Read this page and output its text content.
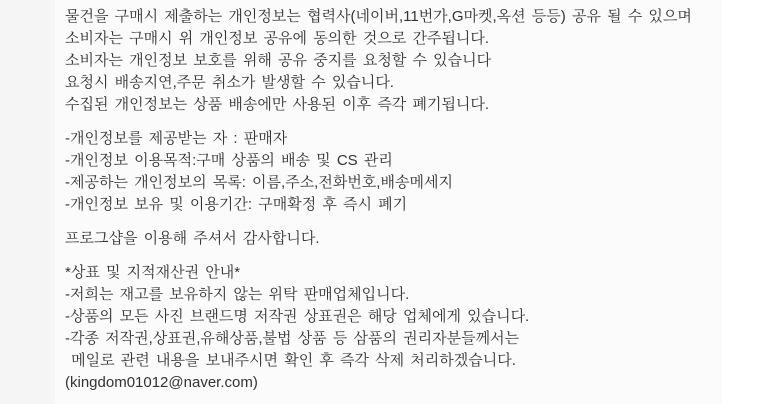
물건을 구매시 제출하는 개인정보는 협력사(네이버,11번가,G마켓,옥션 등등) 공유 될 수 있으며
소비자는 구매시 위 개인정보 공유에 동의한 것으로 간주됩니다.
소비자는 개인정보 보호를 위해 공유 중지를 요청할 수 있습니다
요청시 배송지연,주문 취소가 발생할 수 있습니다.
수집된 개인정보는 상품 배송에만 사용된 이후 즉각 폐기됩니다.
-개인정보를 제공받는 자 : 판매자
-개인정보 이용목적:구매 상품의 배송 및 CS 관리
-제공하는 개인정보의 목록: 이름,주소,전화번호,배송메세지
-개인정보 보유 및 이용기간: 구매확정 후 즉시 폐기
프로그샵을 이용해 주셔서 감사합니다.
*상표 및 지적재산권 안내*
-저희는 재고를 보유하지 않는 위탁 판매업체입니다.
-상품의 모든 사진 브랜드명 저작권 상표권은 해당 업체에게 있습니다.
-각종 저작권,상표권,유해상품,불법 상품 등 삼품의 권리자분들께서는
메일로 관련 내용을 보내주시면 확인 후 즉각 삭제 처리하겠습니다.
(kingdom01012@naver.com)
